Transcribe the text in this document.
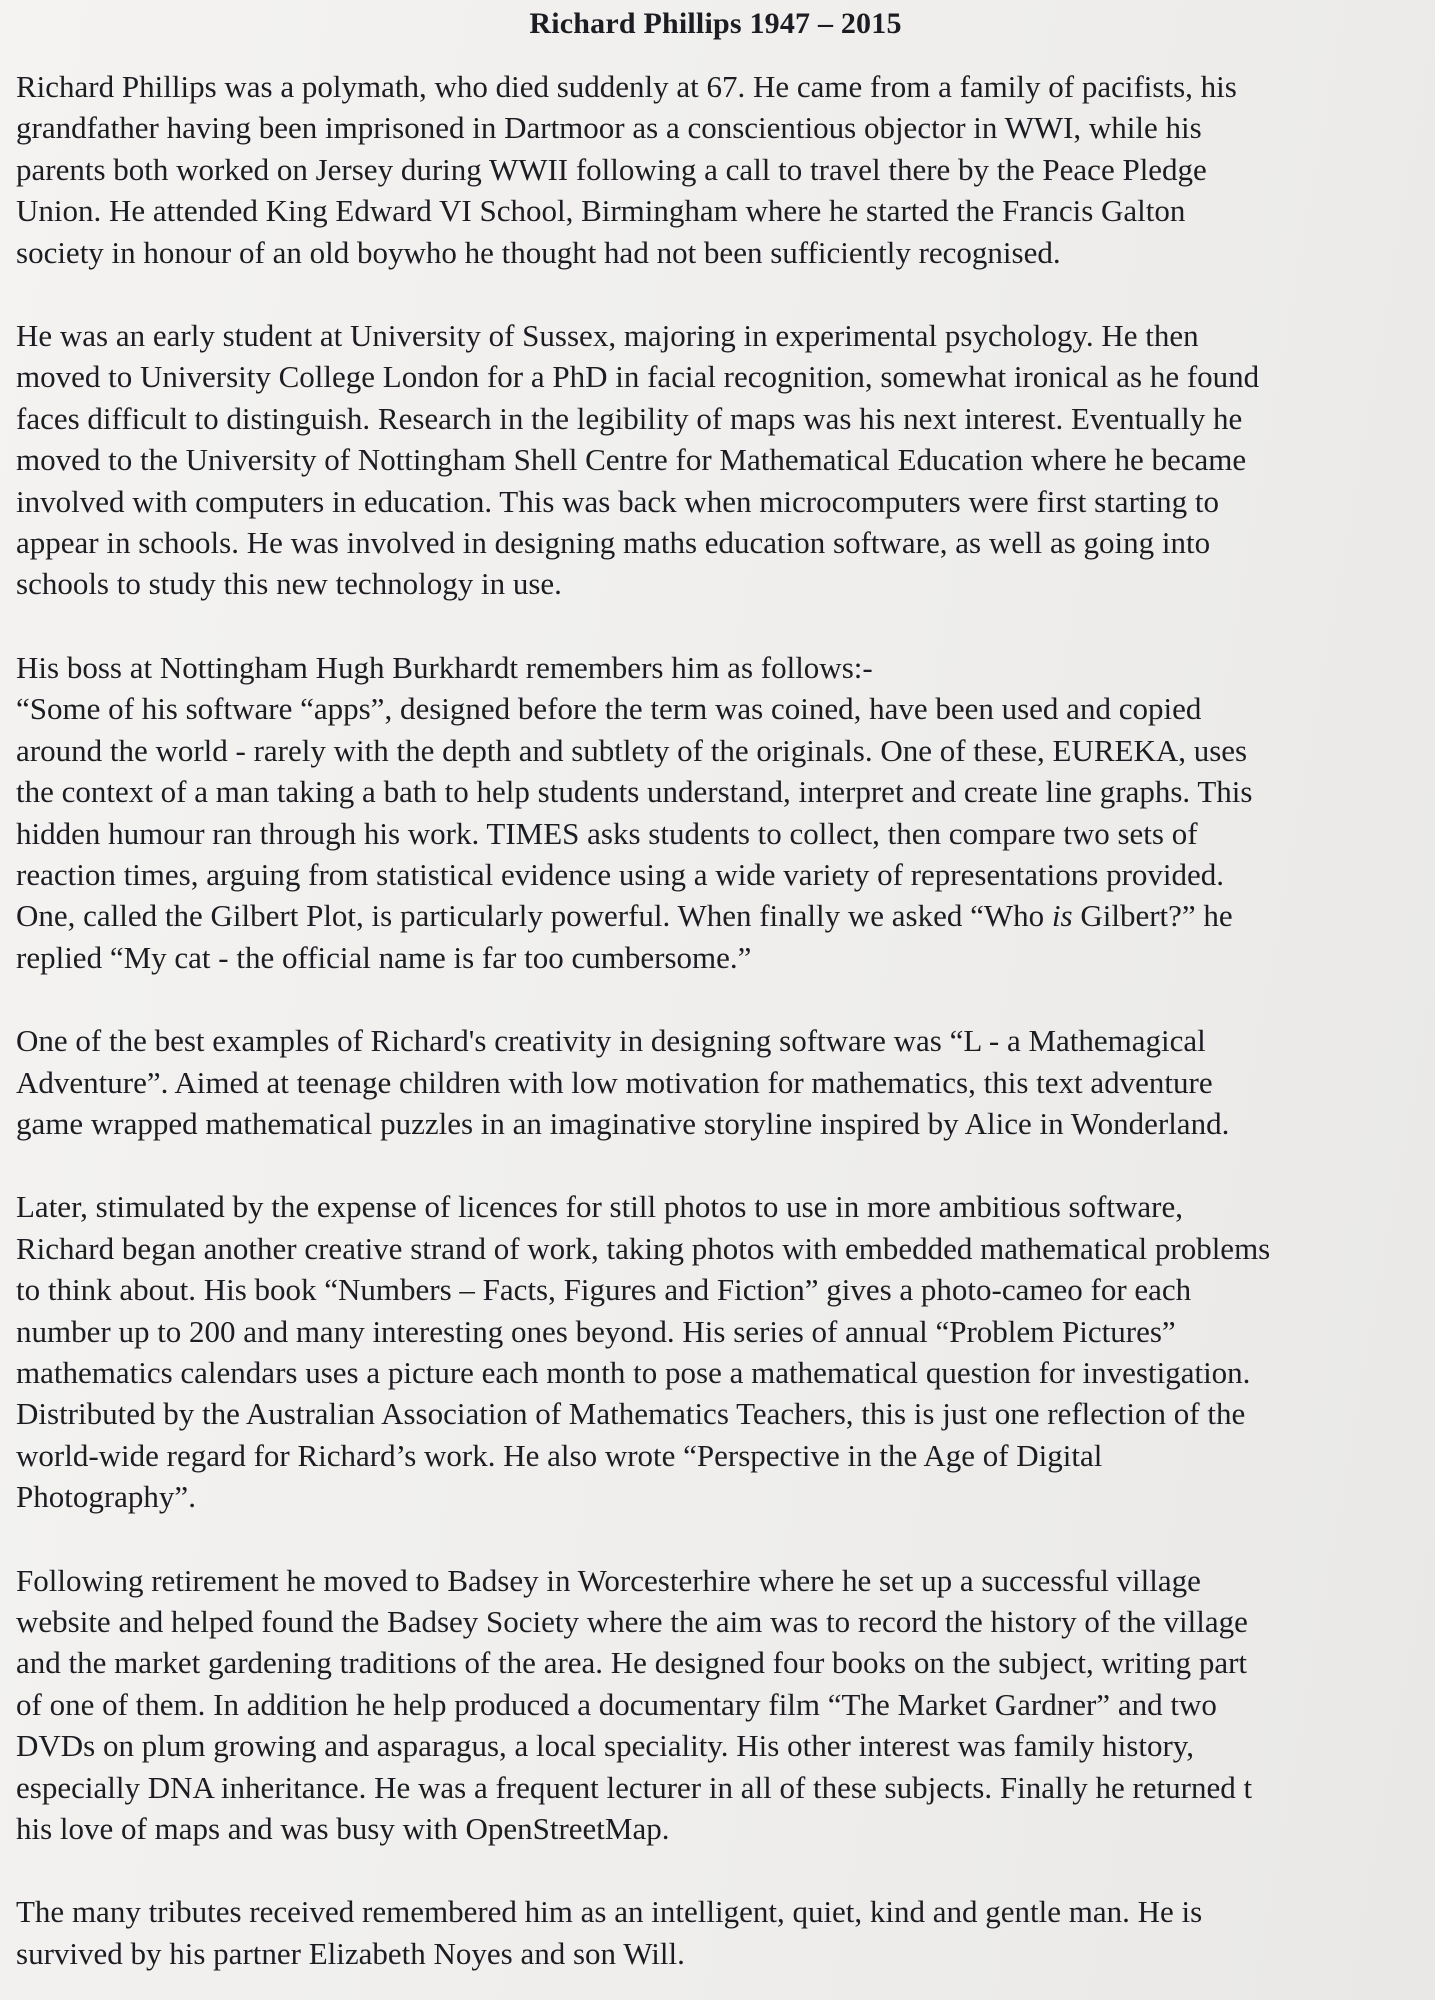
Richard Phillips 1947 – 2015

Richard Phillips was a polymath, who died suddenly at 67. He came from a family of pacifists, his
grandfather having been imprisoned in Dartmoor as a conscientious objector in WWI, while his
parents both worked on Jersey during WWII following a call to travel there by the Peace Pledge
Union. He attended King Edward VI School, Birmingham where he started the Francis Galton
society in honour of an old boywho he thought had not been sufficiently recognised.

He was an early student at University of Sussex, majoring in experimental psychology. He then
moved to University College London for a PhD in facial recognition, somewhat ironical as he found
faces difficult to distinguish. Research in the legibility of maps was his next interest. Eventually he
moved to the University of Nottingham Shell Centre for Mathematical Education where he became
involved with computers in education. This was back when microcomputers were first starting to
appear in schools. He was involved in designing maths education software, as well as going into
schools to study this new technology in use.

His boss at Nottingham Hugh Burkhardt remembers him as follows:-
“Some of his software “apps”, designed before the term was coined, have been used and copied
around the world - rarely with the depth and subtlety of the originals. One of these, EUREKA, uses
the context of a man taking a bath to help students understand, interpret and create line graphs. This
hidden humour ran through his work. TIMES asks students to collect, then compare two sets of
reaction times, arguing from statistical evidence using a wide variety of representations provided.
One, called the Gilbert Plot, is particularly powerful. When finally we asked “Who is Gilbert?” he
replied “My cat - the official name is far too cumbersome.”

One of the best examples of Richard's creativity in designing software was “L - a Mathemagical
Adventure”. Aimed at teenage children with low motivation for mathematics, this text adventure
game wrapped mathematical puzzles in an imaginative storyline inspired by Alice in Wonderland.

Later, stimulated by the expense of licences for still photos to use in more ambitious software,
Richard began another creative strand of work, taking photos with embedded mathematical problems
to think about. His book “Numbers – Facts, Figures and Fiction” gives a photo-cameo for each
number up to 200 and many interesting ones beyond. His series of annual “Problem Pictures”
mathematics calendars uses a picture each month to pose a mathematical question for investigation.
Distributed by the Australian Association of Mathematics Teachers, this is just one reflection of the
world-wide regard for Richard’s work. He also wrote “Perspective in the Age of Digital
Photography”.

Following retirement he moved to Badsey in Worcesterhire where he set up a successful village
website and helped found the Badsey Society where the aim was to record the history of the village
and the market gardening traditions of the area. He designed four books on the subject, writing part
of one of them. In addition he help produced a documentary film “The Market Gardner” and two
DVDs on plum growing and asparagus, a local speciality. His other interest was family history,
especially DNA inheritance. He was a frequent lecturer in all of these subjects. Finally he returned t
his love of maps and was busy with OpenStreetMap.

The many tributes received remembered him as an intelligent, quiet, kind and gentle man. He is
survived by his partner Elizabeth Noyes and son Will.
